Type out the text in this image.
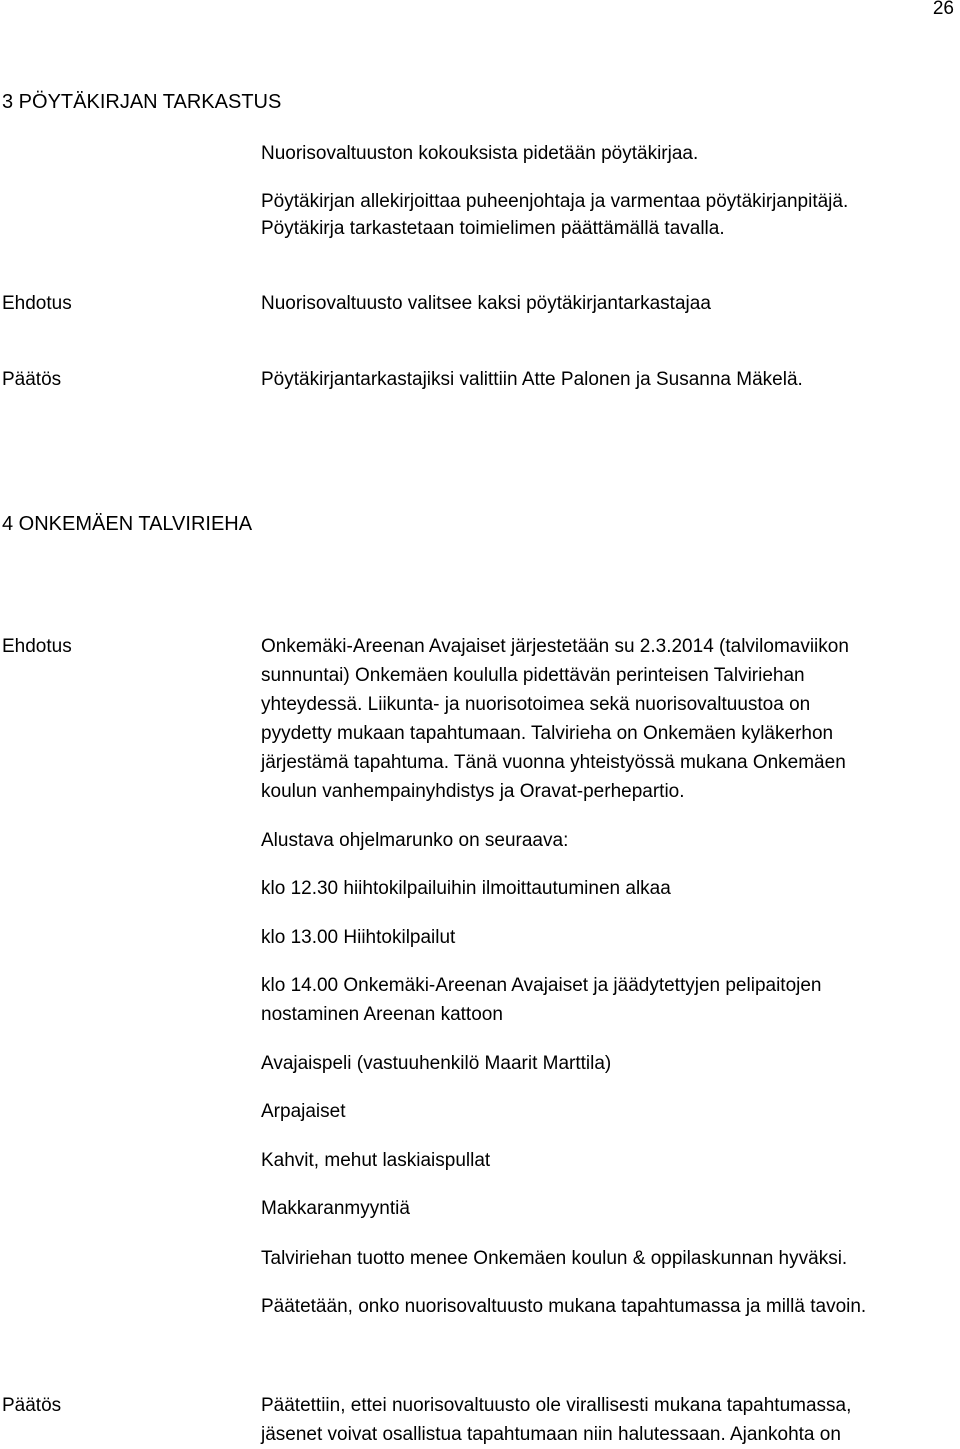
26
3 PÖYTÄKIRJAN TARKASTUS
Nuorisovaltuuston kokouksista pidetään pöytäkirjaa.
Pöytäkirjan allekirjoittaa puheenjohtaja ja varmentaa pöytäkirjanpitäjä.
Pöytäkirja tarkastetaan toimielimen päättämällä tavalla.
Ehdotus	Nuorisovaltuusto valitsee kaksi pöytäkirjantarkastajaa
Päätös	Pöytäkirjantarkastajiksi valittiin Atte Palonen ja Susanna Mäkelä.
4 ONKEMÄEN TALVIRIEHA
Ehdotus	Onkemäki-Areenan Avajaiset järjestetään su 2.3.2014 (talvilomaviikon
sunnuntai) Onkemäen koululla pidettävän perinteisen Talviriehan
yhteydessä. Liikunta- ja nuorisotoimea sekä nuorisovaltuustoa on
pyydetty mukaan tapahtumaan. Talvirieha on Onkemäen kyläkerhon
järjestämä tapahtuma. Tänä vuonna yhteistyössä mukana Onkemäen
koulun vanhempainyhdistys ja Oravat-perhepartio.
Alustava ohjelmarunko on seuraava:
klo 12.30 hiihtokilpailuihin ilmoittautuminen alkaa
klo 13.00 Hiihtokilpailut
klo 14.00 Onkemäki-Areenan Avajaiset ja jäädytettyjen pelipaitojen
nostaminen Areenan kattoon
Avajaispeli (vastuuhenkilö Maarit Marttila)
Arpajaiset
Kahvit, mehut laskiaispullat
Makkaranmyyntiä
Talviriehan tuotto menee Onkemäen koulun & oppilaskunnan hyväksi.
Päätetään, onko nuorisovaltuusto mukana tapahtumassa ja millä tavoin.
Päätös	Päätettiin, ettei nuorisovaltuusto ole virallisesti mukana tapahtumassa,
jäsenet voivat osallistua tapahtumaan niin halutessaan. Ajankohta on
